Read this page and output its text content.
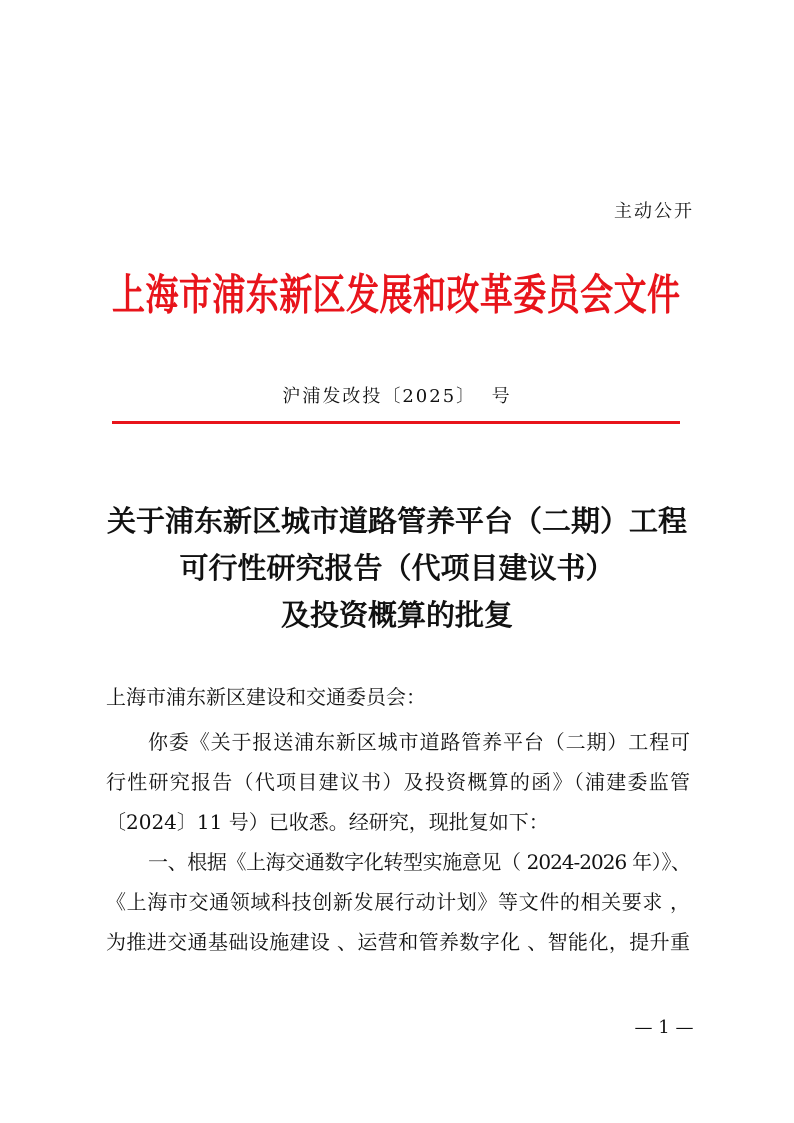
主动公开
上海市浦东新区发展和改革委员会文件
沪浦发改投〔2025〕  号
关于浦东新区城市道路管养平台（二期）工程
可行性研究报告（代项目建议书）
及投资概算的批复
上海市浦东新区建设和交通委员会：
你委《关于报送浦东新区城市道路管养平台（二期）工程可
行性研究报告（代项目建议书）及投资概算的函》（浦建委监管
〔2024〕11 号）已收悉。经研究，现批复如下：
一、根据《上海交通数字化转型实施意见（ 2024-2026 年）》、
《上海市交通领域科技创新发展行动计划》等文件的相关要求 ，
为推进交通基础设施建设 、运营和管养数字化 、智能化，提升重
— 1 —
